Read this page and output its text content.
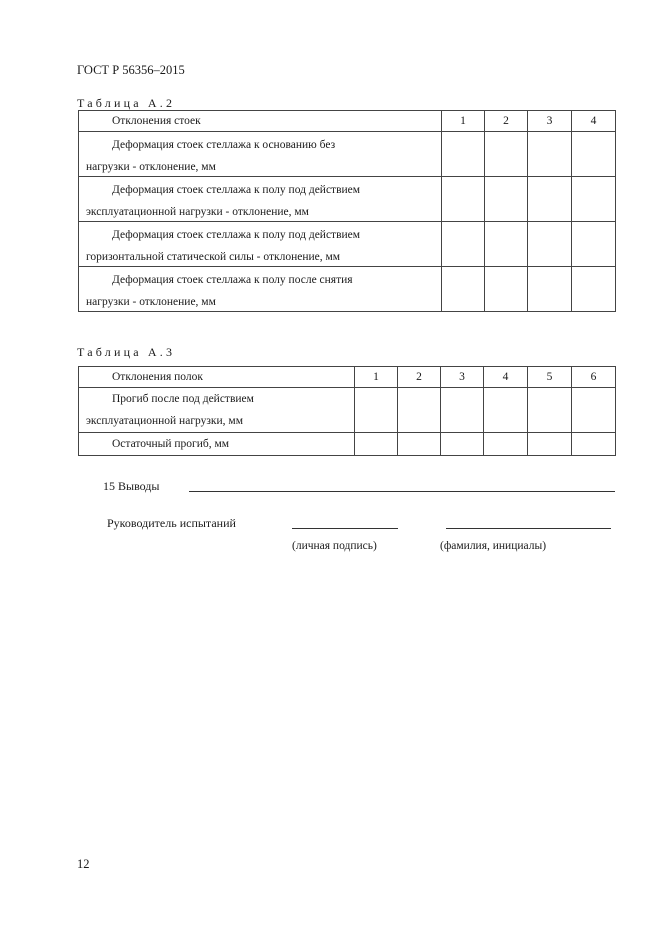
ГОСТ Р 56356–2015
Таблица А.2
Отклонения стоек	1	2	3	4

Деформация стоек стеллажа к основанию без
нагрузки - отклонение, мм				

Деформация стоек стеллажа к полу под действием
эксплуатационной нагрузки - отклонение, мм				

Деформация стоек стеллажа к полу под действием
горизонтальной статической силы - отклонение, мм				

Деформация стоек стеллажа к полу после снятия
нагрузки - отклонение, мм				

Таблица А.3
Отклонения полок	1	2	3	4	5	6

Прогиб после под действием
эксплуатационной нагрузки, мм						

Остаточный прогиб, мм						

15 Выводы
Руководитель испытаний
(личная подпись)	(фамилия, инициалы)
12
